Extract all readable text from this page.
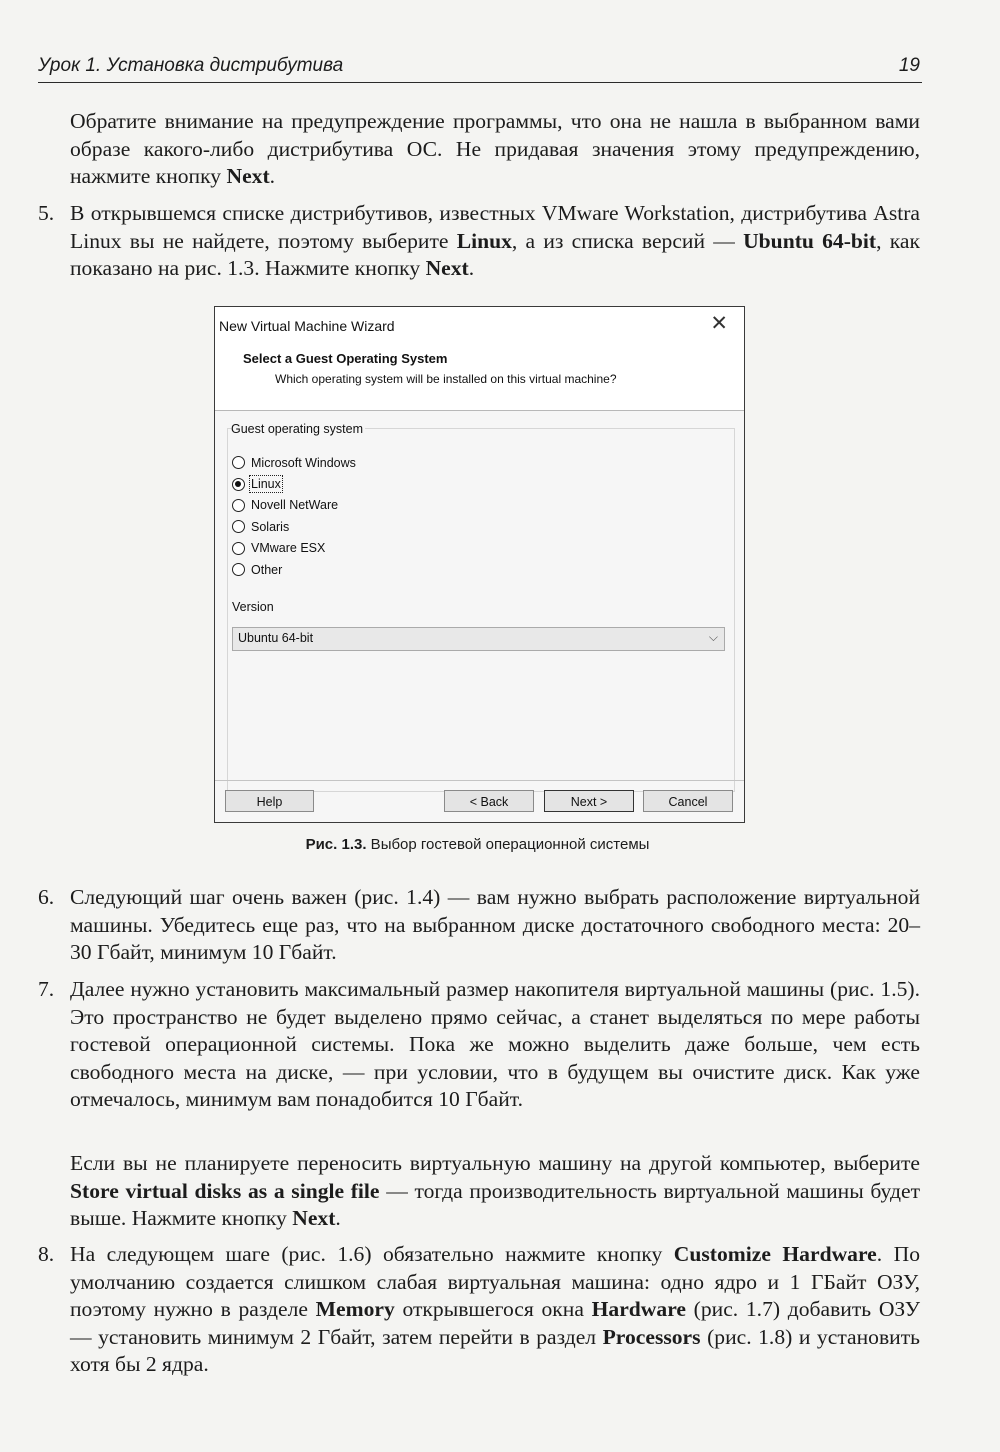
Урок 1. Установка дистрибутива	19

Обратите внимание на предупреждение программы, что она не нашла в выбранном вами образе какого-либо дистрибутива ОС. Не придавая значения этому предупреждению, нажмите кнопку Next.

5. В открывшемся списке дистрибутивов, известных VMware Workstation, дистрибутива Astra Linux вы не найдете, поэтому выберите Linux, а из списка версий — Ubuntu 64-bit, как показано на рис. 1.3. Нажмите кнопку Next.

New Virtual Machine Wizard	✕
Select a Guest Operating System
Which operating system will be installed on this virtual machine?
Guest operating system
Microsoft Windows
Linux
Novell NetWare
Solaris
VMware ESX
Other
Version
Ubuntu 64-bit	⌵
Help	< Back	Next >	Cancel
Рис. 1.3. Выбор гостевой операционной системы
6. Следующий шаг очень важен (рис. 1.4) — вам нужно выбрать расположение виртуальной машины. Убедитесь еще раз, что на выбранном диске достаточного свободного места: 20–30 Гбайт, минимум 10 Гбайт.

7. Далее нужно установить максимальный размер накопителя виртуальной машины (рис. 1.5). Это пространство не будет выделено прямо сейчас, а станет выделяться по мере работы гостевой операционной системы. Пока же можно выделить даже больше, чем есть свободного места на диске, — при условии, что в будущем вы очистите диск. Как уже отмечалось, минимум вам понадобится 10 Гбайт.

Если вы не планируете переносить виртуальную машину на другой компьютер, выберите Store virtual disks as a single file — тогда производительность виртуальной машины будет выше. Нажмите кнопку Next.

8. На следующем шаге (рис. 1.6) обязательно нажмите кнопку Customize Hardware. По умолчанию создается слишком слабая виртуальная машина: одно ядро и 1 ГБайт ОЗУ, поэтому нужно в разделе Memory открывшегося окна Hardware (рис. 1.7) добавить ОЗУ — установить минимум 2 Гбайт, затем перейти в раздел Processors (рис. 1.8) и установить хотя бы 2 ядра.
